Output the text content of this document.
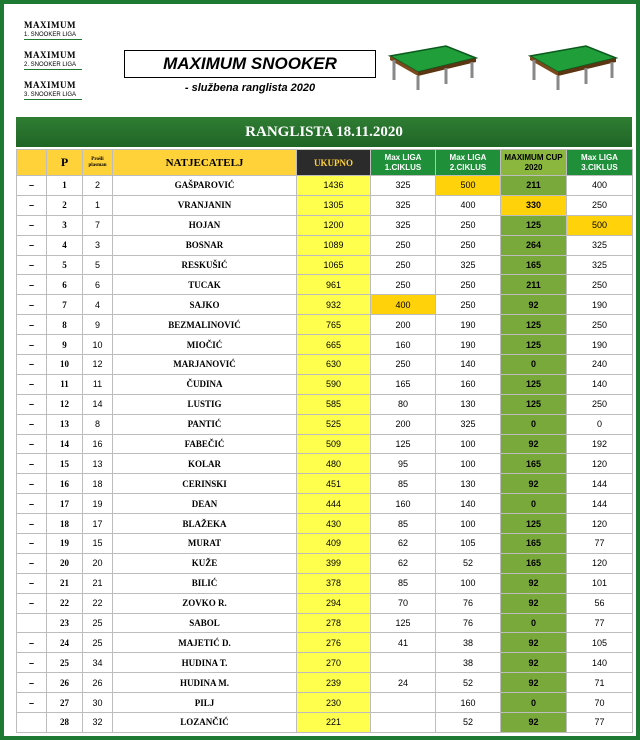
MAXIMUM
1. SNOOKER LIGA
MAXIMUM
2. SNOOKER LIGA
MAXIMUM
3. SNOOKER LIGA
MAXIMUM SNOOKER
- službena ranglista 2020
RANGLISTA 18.11.2020
	P	Prošli plasman	NATJECATELJ	UKUPNO	Max LIGA 1.CIKLUS	Max LIGA 2.CIKLUS	MAXIMUM CUP 2020	Max LIGA 3.CIKLUS
–	1	2	GAŠPAROVIĆ	1436	325	500	211	400
–	2	1	VRANJANIN	1305	325	400	330	250
–	3	7	HOJAN	1200	325	250	125	500
–	4	3	BOSNAR	1089	250	250	264	325
–	5	5	RESKUŠIĆ	1065	250	325	165	325
–	6	6	TUCAK	961	250	250	211	250
–	7	4	SAJKO	932	400	250	92	190
–	8	9	BEZMALINOVIĆ	765	200	190	125	250
–	9	10	MIOČIĆ	665	160	190	125	190
–	10	12	MARJANOVIĆ	630	250	140	0	240
–	11	11	ČUDINA	590	165	160	125	140
–	12	14	LUSTIG	585	80	130	125	250
–	13	8	PANTIĆ	525	200	325	0	0
–	14	16	FABEČIĆ	509	125	100	92	192
–	15	13	KOLAR	480	95	100	165	120
–	16	18	CERINSKI	451	85	130	92	144
–	17	19	DEAN	444	160	140	0	144
–	18	17	BLAŽEKA	430	85	100	125	120
–	19	15	MURAT	409	62	105	165	77
–	20	20	KUŽE	399	62	52	165	120
–	21	21	BILIĆ	378	85	100	92	101
–	22	22	ZOVKO R.	294	70	76	92	56
	23	25	SABOL	278	125	76	0	77
–	24	25	MAJETIĆ D.	276	41	38	92	105
–	25	34	HUDINA T.	270		38	92	140
–	26	26	HUDINA M.	239	24	52	92	71
–	27	30	PILJ	230		160	0	70
	28	32	LOZANČIĆ	221		52	92	77
